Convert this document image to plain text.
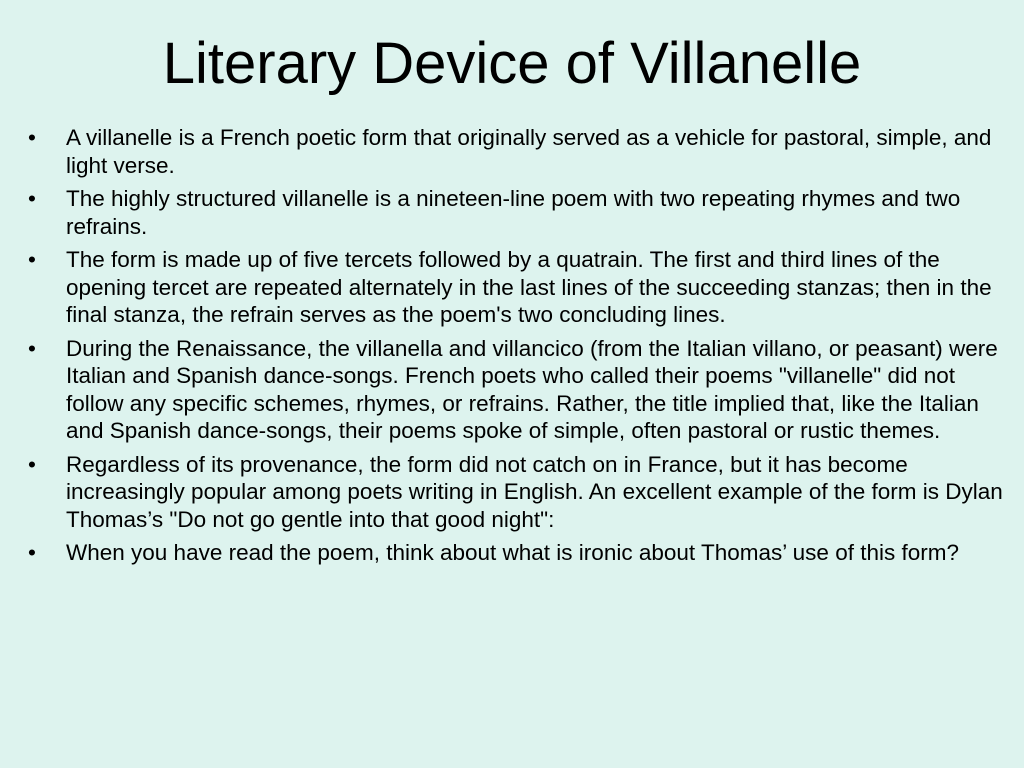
Literary Device of Villanelle
•	A villanelle is a French poetic form that originally served as a vehicle for pastoral, simple, and light verse.
•	The highly structured villanelle is a nineteen-line poem with two repeating rhymes and two refrains.
•	The form is made up of five tercets followed by a quatrain. The first and third lines of the opening tercet are repeated alternately in the last lines of the succeeding stanzas; then in the final stanza, the refrain serves as the poem's two concluding lines.
•	During the Renaissance, the villanella and villancico (from the Italian villano, or peasant) were Italian and Spanish dance-songs. French poets who called their poems "villanelle" did not follow any specific schemes, rhymes, or refrains. Rather, the title implied that, like the Italian and Spanish dance-songs, their poems spoke of simple, often pastoral or rustic themes.
•	Regardless of its provenance, the form did not catch on in France, but it has become increasingly popular among poets writing in English. An excellent example of the form is Dylan Thomas’s "Do not go gentle into that good night":
•	When you have read the poem, think about what is ironic about Thomas’ use of this form?
